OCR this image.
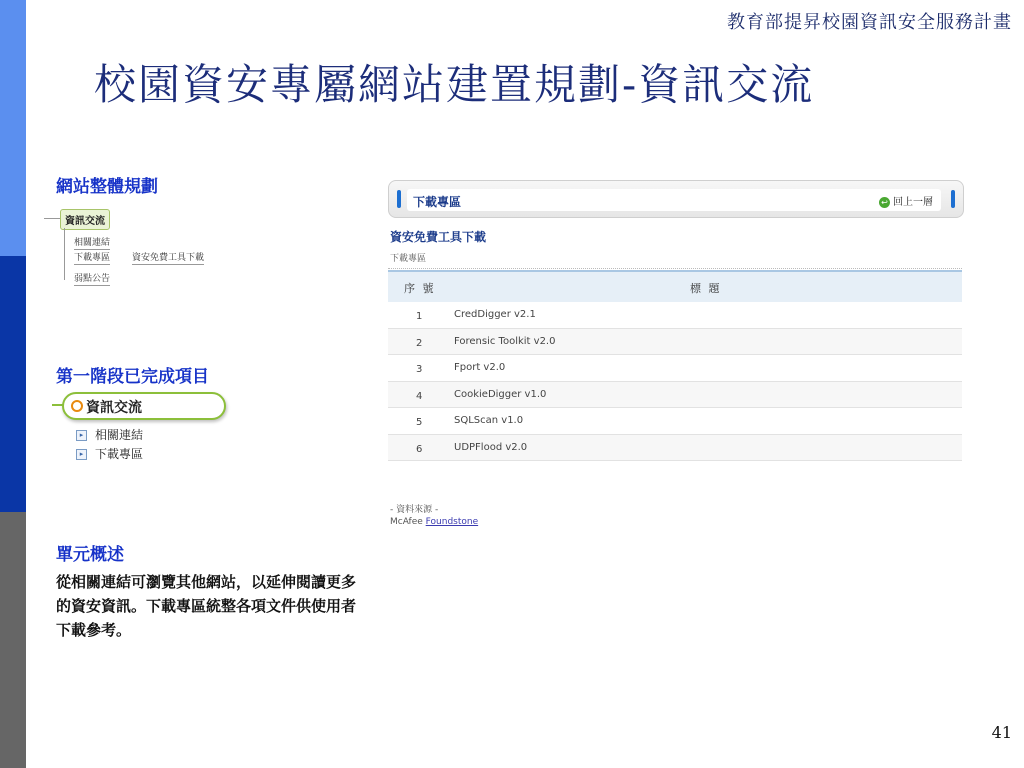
教育部提昇校園資訊安全服務計畫
校園資安專屬網站建置規劃-資訊交流
網站整體規劃
資訊交流
相關連結
下載專區 資安免費工具下載
弱點公告
第一階段已完成項目
資訊交流
▸ 相關連結
▸ 下載專區
單元概述
從相關連結可瀏覽其他網站，以延伸閱讀更多的資安資訊。下載專區統整各項文件供使用者下載參考。
下載專區	↩ 回上一層
資安免費工具下載
下載專區
序 號	標 題
1	CredDigger v2.1
2	Forensic Toolkit v2.0
3	Fport v2.0
4	CookieDigger v1.0
5	SQLScan v1.0
6	UDPFlood v2.0
- 資料來源 -
McAfee Foundstone
41
